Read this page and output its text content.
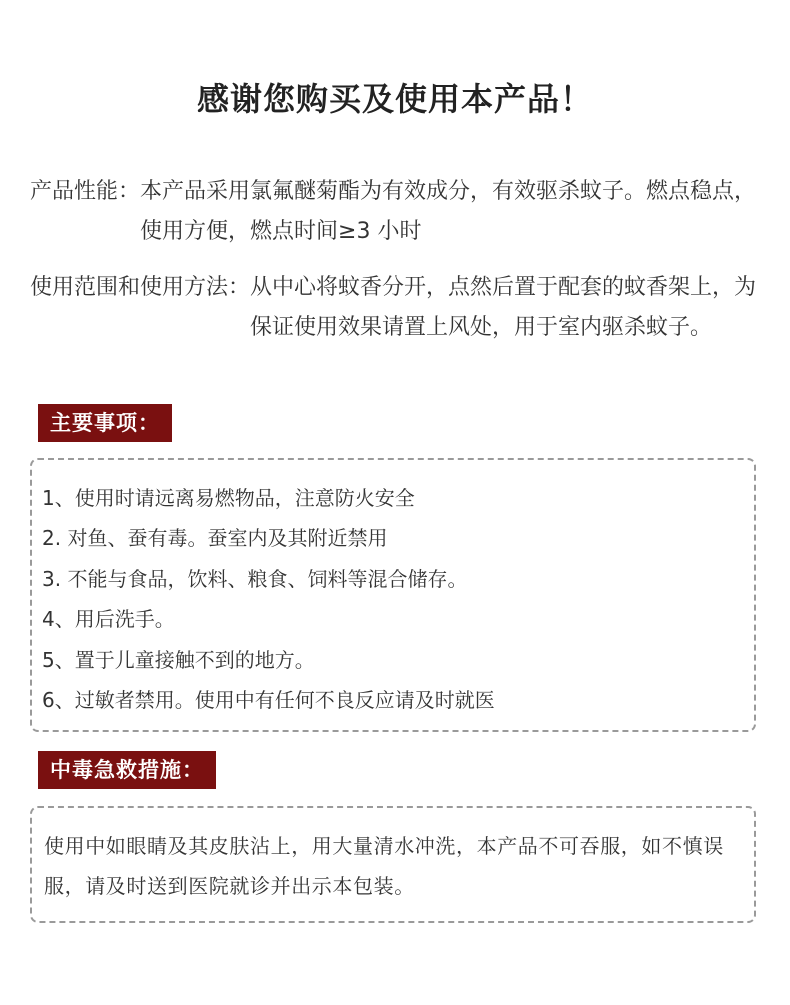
感谢您购买及使用本产品！
产品性能： 本产品采用氯氟醚菊酯为有效成分，有效驱杀蚊子。燃点稳点，使用方便，燃点时间≥3 小时
使用范围和使用方法： 从中心将蚊香分开，点然后置于配套的蚊香架上，为保证使用效果请置上风处，用于室内驱杀蚊子。
主要事项：
1、使用时请远离易燃物品，注意防火安全
2. 对鱼、蚕有毒。蚕室内及其附近禁用
3. 不能与食品，饮料、粮食、饲料等混合储存。
4、用后洗手。
5、置于儿童接触不到的地方。
6、过敏者禁用。使用中有任何不良反应请及时就医
中毒急救措施：
使用中如眼睛及其皮肤沾上，用大量清水冲洗，本产品不可吞服，如不慎误服，请及时送到医院就诊并出示本包装。
